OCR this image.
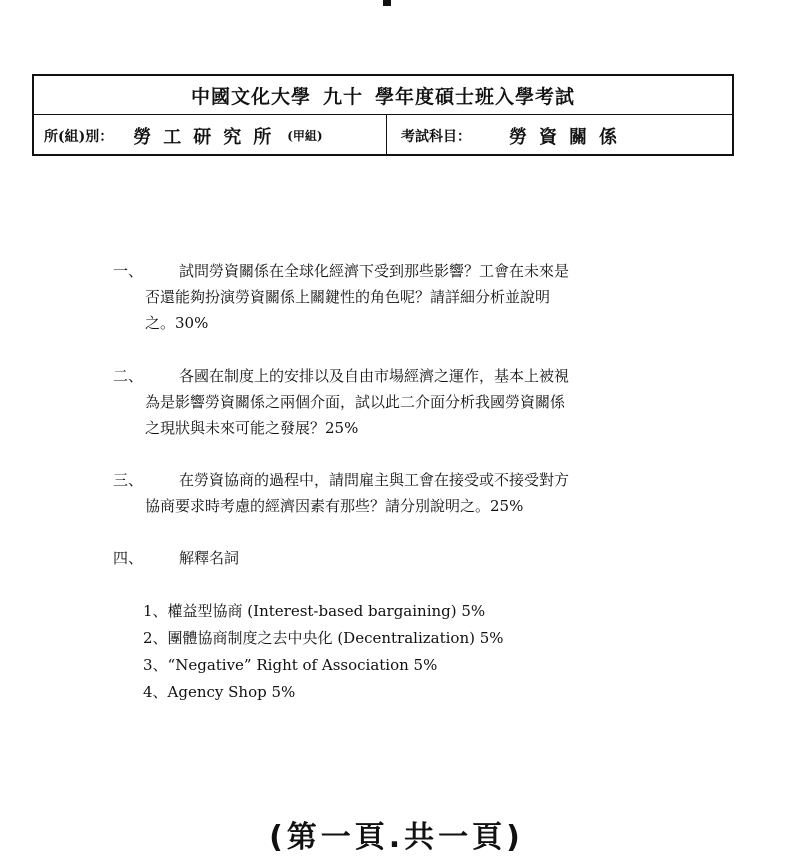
中國文化大學 九十 學年度碩士班入學考試
所(組)別： 勞工研究所 (甲組)	考試科目： 勞資關係
一、	試問勞資關係在全球化經濟下受到那些影響？工會在未來是
否還能夠扮演勞資關係上關鍵性的角色呢？請詳細分析並說明
之。30%
二、	各國在制度上的安排以及自由市場經濟之運作，基本上被視
為是影響勞資關係之兩個介面，試以此二介面分析我國勞資關係
之現狀與未來可能之發展？25%
三、	在勞資協商的過程中，請問雇主與工會在接受或不接受對方
協商要求時考慮的經濟因素有那些？請分別說明之。25%
四、	解釋名詞
1、權益型協商 (Interest-based bargaining) 5%
2、團體協商制度之去中央化 (Decentralization) 5%
3、“Negative” Right of Association 5%
4、Agency Shop 5%
(第一頁.共一頁)
